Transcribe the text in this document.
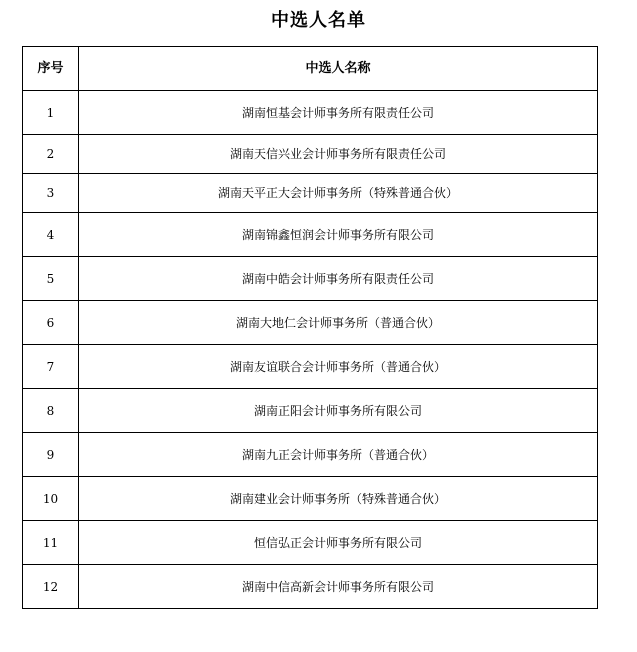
中选人名单
序号	中选人名称
1	湖南恒基会计师事务所有限责任公司
2	湖南天信兴业会计师事务所有限责任公司
3	湖南天平正大会计师事务所（特殊普通合伙）
4	湖南锦鑫恒润会计师事务所有限公司
5	湖南中皓会计师事务所有限责任公司
6	湖南大地仁会计师事务所（普通合伙）
7	湖南友谊联合会计师事务所（普通合伙）
8	湖南正阳会计师事务所有限公司
9	湖南九正会计师事务所（普通合伙）
10	湖南建业会计师事务所（特殊普通合伙）
11	恒信弘正会计师事务所有限公司
12	湖南中信高新会计师事务所有限公司
